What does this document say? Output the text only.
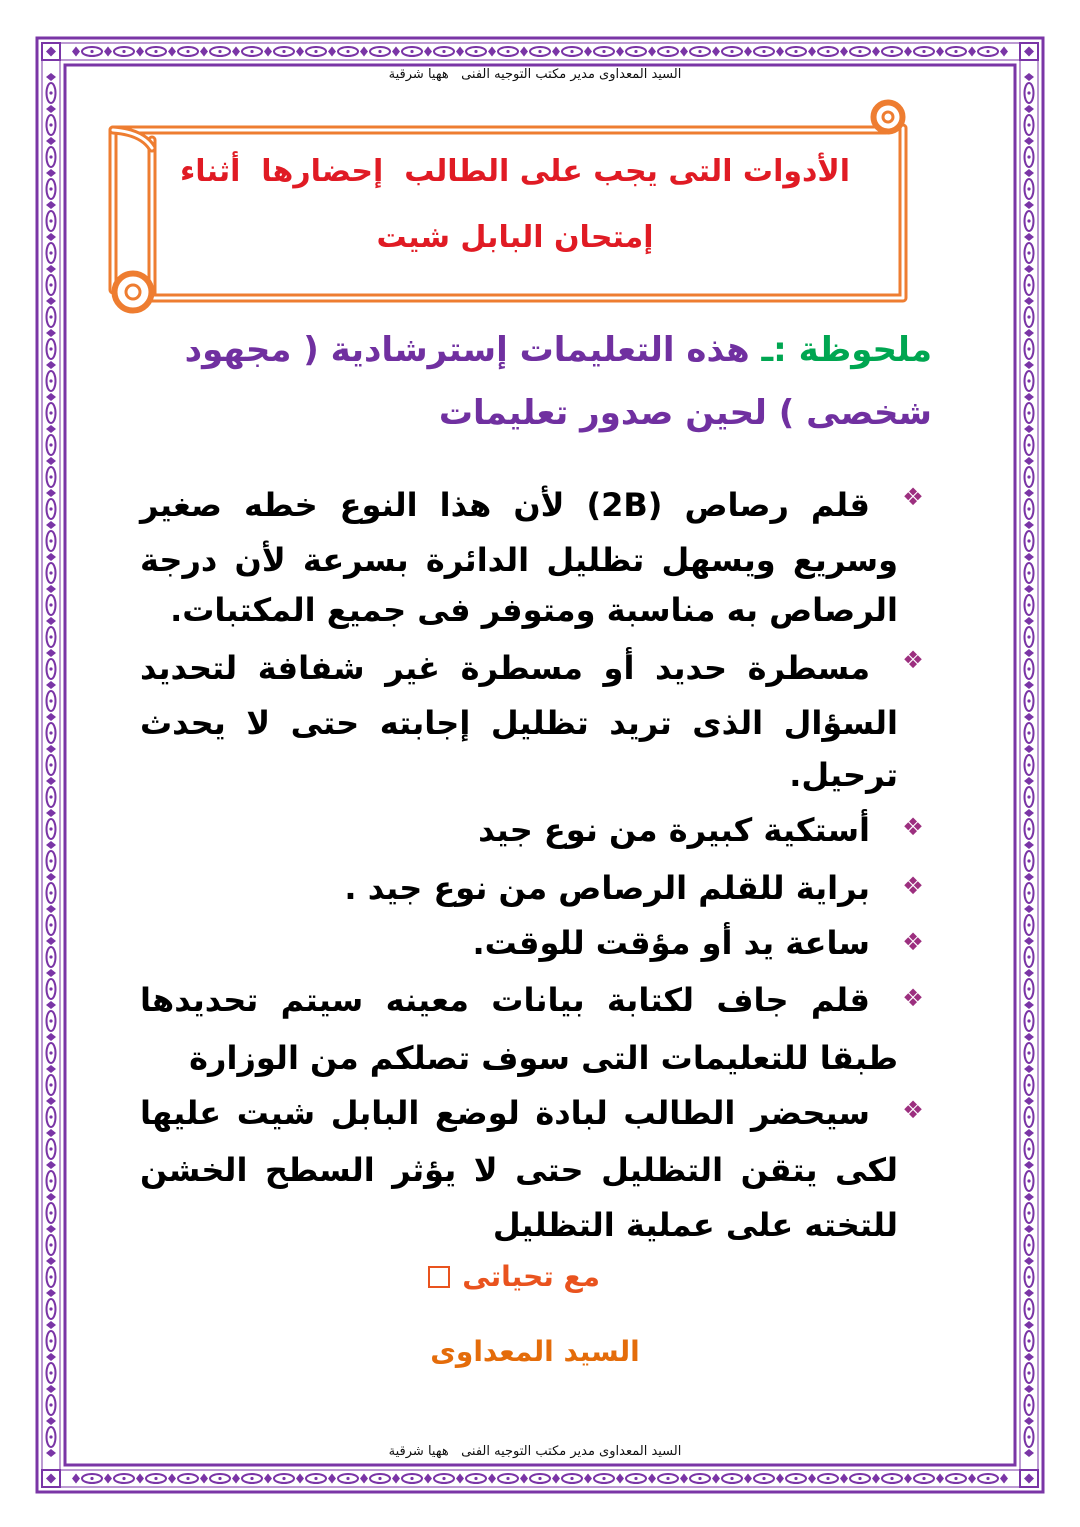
السيد المعداوى مدير مكتب التوجيه الفنى   ههيا شرقية
الأدوات التى يجب على الطالب  إحضارها  أثناء
إمتحان البابل شيت
ملحوظة :ـ هذه التعليمات إسترشادية ( مجهود
شخصى ) لحين صدور تعليمات
❖
قلم رصاص (2B) لأن هذا النوع خطه صغير
وسريع ويسهل تظليل الدائرة بسرعة لأن درجة
الرصاص به مناسبة ومتوفر فى جميع المكتبات.
❖
مسطرة حديد أو مسطرة غير شفافة لتحديد
السؤال الذى تريد تظليل إجابته حتى لا يحدث
ترحيل.
❖
أستكية كبيرة من نوع جيد
❖
براية للقلم الرصاص من نوع جيد .
❖
ساعة يد أو مؤقت للوقت.
❖
قلم جاف لكتابة بيانات معينه سيتم تحديدها
طبقا للتعليمات التى سوف تصلكم من الوزارة
❖
سيحضر الطالب لبادة لوضع البابل شيت عليها
لكى يتقن التظليل حتى لا يؤثر السطح الخشن
للتخته على عملية التظليل
مع تحياتى
السيد المعداوى
السيد المعداوى مدير مكتب التوجيه الفنى   ههيا شرقية
